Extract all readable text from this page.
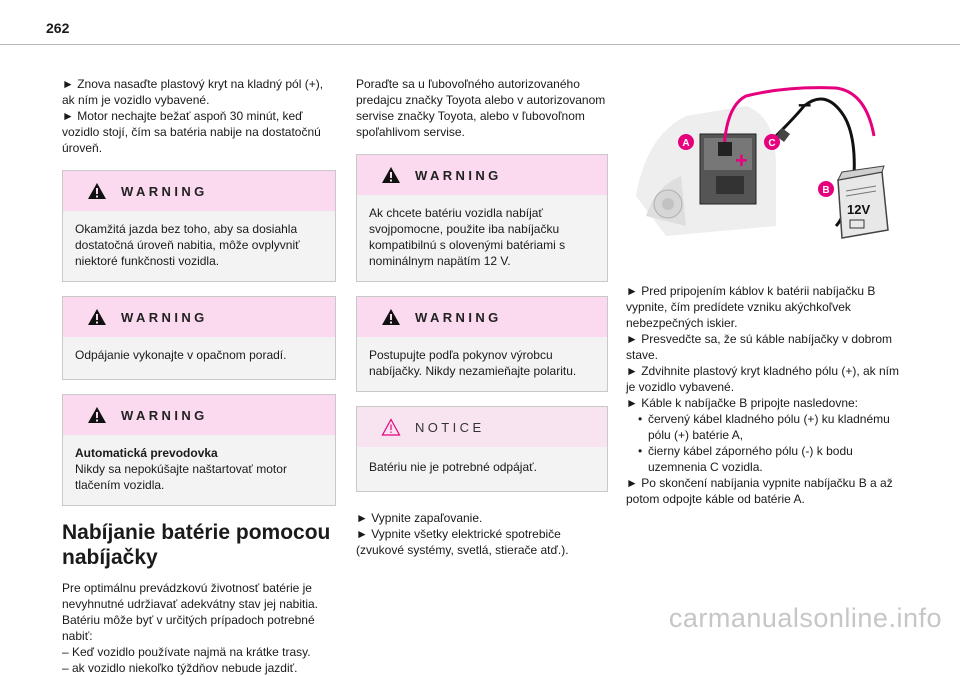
262

► Znova nasaďte plastový kryt na kladný pól (+), ak ním je vozidlo vybavené.
► Motor nechajte bežať aspoň 30 minút, keď vozidlo stojí, čím sa batéria nabije na dostatočnú úroveň.

WARNING
Okamžitá jazda bez toho, aby sa dosiahla dostatočná úroveň nabitia, môže ovplyvniť niektoré funkčnosti vozidla.
WARNING
Odpájanie vykonajte v opačnom poradí.
WARNING
Automatická prevodovka
Nikdy sa nepokúšajte naštartovať motor tlačením vozidla.
Nabíjanie batérie pomocou nabíjačky

Pre optimálnu prevádzkovú životnosť batérie je nevyhnutné udržiavať adekvátny stav jej nabitia. Batériu môže byť v určitých prípadoch potrebné nabiť:

– Keď vozidlo používate najmä na krátke trasy.
– ak vozidlo niekoľko týždňov nebude jazdiť.

Poraďte sa u ľubovoľného autorizovaného predajcu značky Toyota alebo v autorizovanom servise značky Toyota, alebo v ľubovoľnom spoľahlivom servise.

WARNING
Ak chcete batériu vozidla nabíjať svojpomocne, použite iba nabíjačku kompatibilnú s olovenými batériami s nominálnym napätím 12 V.
WARNING
Postupujte podľa pokynov výrobcu nabíjačky. Nikdy nezamieňajte polaritu.
NOTICE
Batériu nie je potrebné odpájať.

► Vypnite zapaľovanie.
► Vypnite všetky elektrické spotrebiče (zvukové systémy, svetlá, stierače atď.).

+
–
12V
A	C
B

► Pred pripojením káblov k batérii nabíjačku B vypnite, čím predídete vzniku akýchkoľvek nebezpečných iskier.
► Presvedčte sa, že sú káble nabíjačky v dobrom stave.
► Zdvihnite plastový kryt kladného pólu (+), ak ním je vozidlo vybavené.
► Káble k nabíjačke B pripojte nasledovne:
• červený kábel kladného pólu (+) ku kladnému pólu (+) batérie A,
• čierny kábel záporného pólu (-) k bodu uzemnenia C vozidla.
► Po skončení nabíjania vypnite nabíjačku B a až potom odpojte káble od batérie A.

carmanualsonline.info
